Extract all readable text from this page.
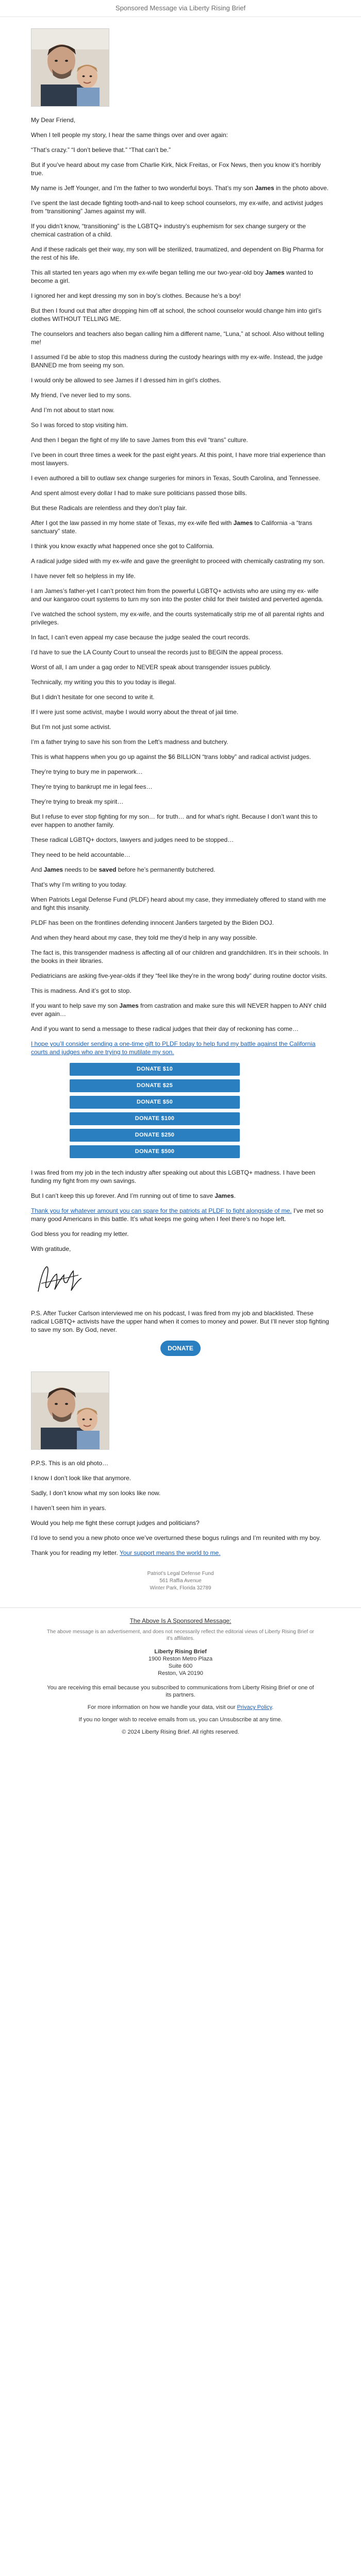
Sponsored Message via Liberty Rising Brief

My Dear Friend,

When I tell people my story, I hear the same things over and over again:

“That’s crazy.” “I don’t believe that.” “That can’t be.”

But if you’ve heard about my case from Charlie Kirk, Nick Freitas, or Fox News, then you know it’s horribly true.

My name is Jeff Younger, and I’m the father to two wonderful boys. That’s my son James in the photo above.

I’ve spent the last decade fighting tooth-and-nail to keep school counselors, my ex-wife, and activist judges from “transitioning” James against my will.

If you didn’t know, “transitioning” is the LGBTQ+ industry’s euphemism for sex change surgery or the chemical castration of a child.

And if these radicals get their way, my son will be sterilized, traumatized, and dependent on Big Pharma for the rest of his life.

This all started ten years ago when my ex-wife began telling me our two-year-old boy James wanted to become a girl.

I ignored her and kept dressing my son in boy’s clothes. Because he’s a boy!

But then I found out that after dropping him off at school, the school counselor would change him into girl’s clothes WITHOUT TELLING ME.

The counselors and teachers also began calling him a different name, “Luna,” at school. Also without telling me!

I assumed I’d be able to stop this madness during the custody hearings with my ex-wife. Instead, the judge BANNED me from seeing my son.

I would only be allowed to see James if I dressed him in girl’s clothes.

My friend, I’ve never lied to my sons.

And I’m not about to start now.

So I was forced to stop visiting him.

And then I began the fight of my life to save James from this evil “trans” culture.

I’ve been in court three times a week for the past eight years. At this point, I have more trial experience than most lawyers.

I even authored a bill to outlaw sex change surgeries for minors in Texas, South Carolina, and Tennessee.

And spent almost every dollar I had to make sure politicians passed those bills.

But these Radicals are relentless and they don’t play fair.

After I got the law passed in my home state of Texas, my ex-wife fled with James to California -a “trans sanctuary” state.

I think you know exactly what happened once she got to California.

A radical judge sided with my ex-wife and gave the greenlight to proceed with chemically castrating my son.

I have never felt so helpless in my life.

I am James’s father-yet I can’t protect him from the powerful LGBTQ+ activists who are using my ex- wife and our kangaroo court systems to turn my son into the poster child for their twisted and perverted agenda.

I’ve watched the school system, my ex-wife, and the courts systematically strip me of all parental rights and privileges.

In fact, I can’t even appeal my case because the judge sealed the court records.

I’d have to sue the LA County Court to unseal the records just to BEGIN the appeal process.

Worst of all, I am under a gag order to NEVER speak about transgender issues publicly.

Technically, my writing you this to you today is illegal.

But I didn’t hesitate for one second to write it.

If I were just some activist, maybe I would worry about the threat of jail time.

But I’m not just some activist.

I’m a father trying to save his son from the Left’s madness and butchery.

This is what happens when you go up against the $6 BILLION “trans lobby” and radical activist judges.

They’re trying to bury me in paperwork…

They’re trying to bankrupt me in legal fees…

They’re trying to break my spirit…

But I refuse to ever stop fighting for my son… for truth… and for what’s right. Because I don’t want this to ever happen to another family.

These radical LGBTQ+ doctors, lawyers and judges need to be stopped…

They need to be held accountable…

And James needs to be saved before he’s permanently butchered.

That’s why I’m writing to you today.

When Patriots Legal Defense Fund (PLDF) heard about my case, they immediately offered to stand with me and fight this insanity.

PLDF has been on the frontlines defending innocent Jan6ers targeted by the Biden DOJ.

And when they heard about my case, they told me they’d help in any way possible.

The fact is, this transgender madness is affecting all of our children and grandchildren. It’s in their schools. In the books in their libraries.

Pediatricians are asking five-year-olds if they “feel like they’re in the wrong body” during routine doctor visits.

This is madness. And it’s got to stop.

If you want to help save my son James from castration and make sure this will NEVER happen to ANY child ever again…

And if you want to send a message to these radical judges that their day of reckoning has come…

I hope you’ll consider sending a one-time gift to PLDF today to help fund my battle against the California courts and judges who are trying to mutilate my son.

DONATE $10
DONATE $25
DONATE $50
DONATE $100
DONATE $250
DONATE $500

I was fired from my job in the tech industry after speaking out about this LGBTQ+ madness. I have been funding my fight from my own savings.

But I can’t keep this up forever. And I’m running out of time to save James.

Thank you for whatever amount you can spare for the patriots at PLDF to fight alongside of me. I’ve met so many good Americans in this battle. It’s what keeps me going when I feel there’s no hope left.

God bless you for reading my letter.

With gratitude,

P.S. After Tucker Carlson interviewed me on his podcast, I was fired from my job and blacklisted. These radical LGBTQ+ activists have the upper hand when it comes to money and power. But I’ll never stop fighting to save my son. By God, never.

DONATE

P.P.S. This is an old photo…

I know I don’t look like that anymore.

Sadly, I don’t know what my son looks like now.

I haven’t seen him in years.

Would you help me fight these corrupt judges and politicians?

I’d love to send you a new photo once we’ve overturned these bogus rulings and I’m reunited with my boy.

Thank you for reading my letter. Your support means the world to me.

Patriot’s Legal Defense Fund
561 Raffia Avenue
Winter Park, Florida 32789
The Above Is A Sponsored Message:
The above message is an advertisement, and does not necessarily reflect the editorial views of Liberty Rising Brief or it's affiliates.
Liberty Rising Brief
1900 Reston Metro Plaza
Suite 600
Reston, VA 20190

You are receiving this email because you subscribed to communications from Liberty Rising Brief or one of its partners.

For more information on how we handle your data, visit our Privacy Policy.

If you no longer wish to receive emails from us, you can Unsubscribe at any time.

© 2024 Liberty Rising Brief. All rights reserved.
